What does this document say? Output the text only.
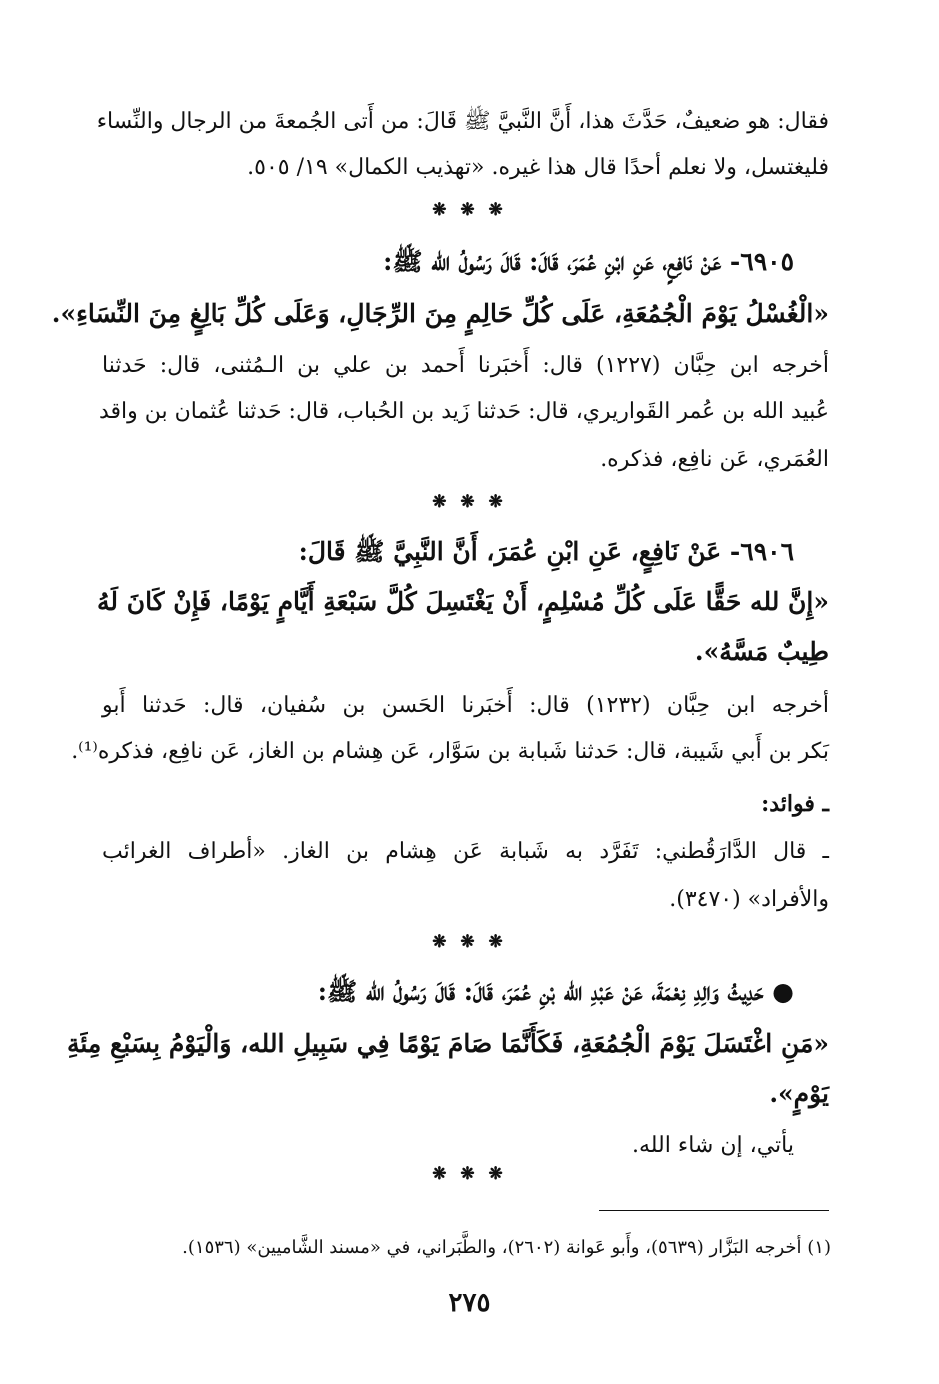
فقال: هو ضعيفٌ، حَدَّثَ هذا، أَنَّ النَّبيَّ ﷺ قَالَ: من أَتى الجُمعةَ من الرجال والنِّساء
فليغتسل، ولا نعلم أحدًا قال هذا غيره. «تهذيب الكمال» ١٩/ ٥٠٥.
❋ ❋ ❋
٦٩٠٥- عَنْ نَافِعٍ، عَنِ ابْنِ عُمَرَ، قَالَ: قَالَ رَسُولُ الله ﷺ:
«الْغُسْلُ يَوْمَ الْجُمُعَةِ، عَلَى كُلِّ حَالِمٍ مِنَ الرِّجَالِ، وَعَلَى كُلِّ بَالِغٍ مِنَ النِّسَاءِ».
أخرجه ابن حِبَّان (١٢٢٧) قال: أَخبَرنا أَحمد بن علي بن الـمُثنى، قال: حَدثنا
عُبيد الله بن عُمر القَواريري، قال: حَدثنا زَيد بن الحُباب، قال: حَدثنا عُثمان بن واقد
العُمَري، عَن نافِع، فذكره.
❋ ❋ ❋
٦٩٠٦- عَنْ نَافِعٍ، عَنِ ابْنِ عُمَرَ، أَنَّ النَّبِيَّ ﷺ قَالَ:
«إِنَّ لله حَقًّا عَلَى كُلِّ مُسْلِمٍ، أَنْ يَغْتَسِلَ كُلَّ سَبْعَةِ أَيَّامٍ يَوْمًا، فَإِنْ كَانَ لَهُ
طِيبٌ مَسَّهُ».
أخرجه ابن حِبَّان (١٢٣٢) قال: أَخبَرنا الحَسن بن سُفيان، قال: حَدثنا أَبو
بَكر بن أَبي شَيبة، قال: حَدثنا شَبابة بن سَوَّار، عَن هِشام بن الغاز، عَن نافِع، فذكره⁽¹⁾.
ـ فوائد:
ـ قال الدَّارَقُطني: تَفَرَّد به شَبابة عَن هِشام بن الغاز. «أطراف الغرائب
والأفراد» (٣٤٧٠).
❋ ❋ ❋
● حَدِيثُ وَالِدِ نِعْمَةَ، عَنْ عَبْدِ الله بْنِ عُمَرَ، قَالَ: قَالَ رَسُولُ الله ﷺ:
«مَنِ اغْتَسَلَ يَوْمَ الْجُمُعَةِ، فَكَأَنَّمَا صَامَ يَوْمًا فِي سَبِيلِ الله، وَالْيَوْمُ بِسَبْعِ مِئَةِ
يَوْمٍ».
يأتي، إن شاء الله.
❋ ❋ ❋
(١) أخرجه البَزَّار (٥٦٣٩)، وأَبو عَوانة (٢٦٠٢)، والطَّبَراني، في «مسند الشَّاميين» (١٥٣٦).
٢٧٥
